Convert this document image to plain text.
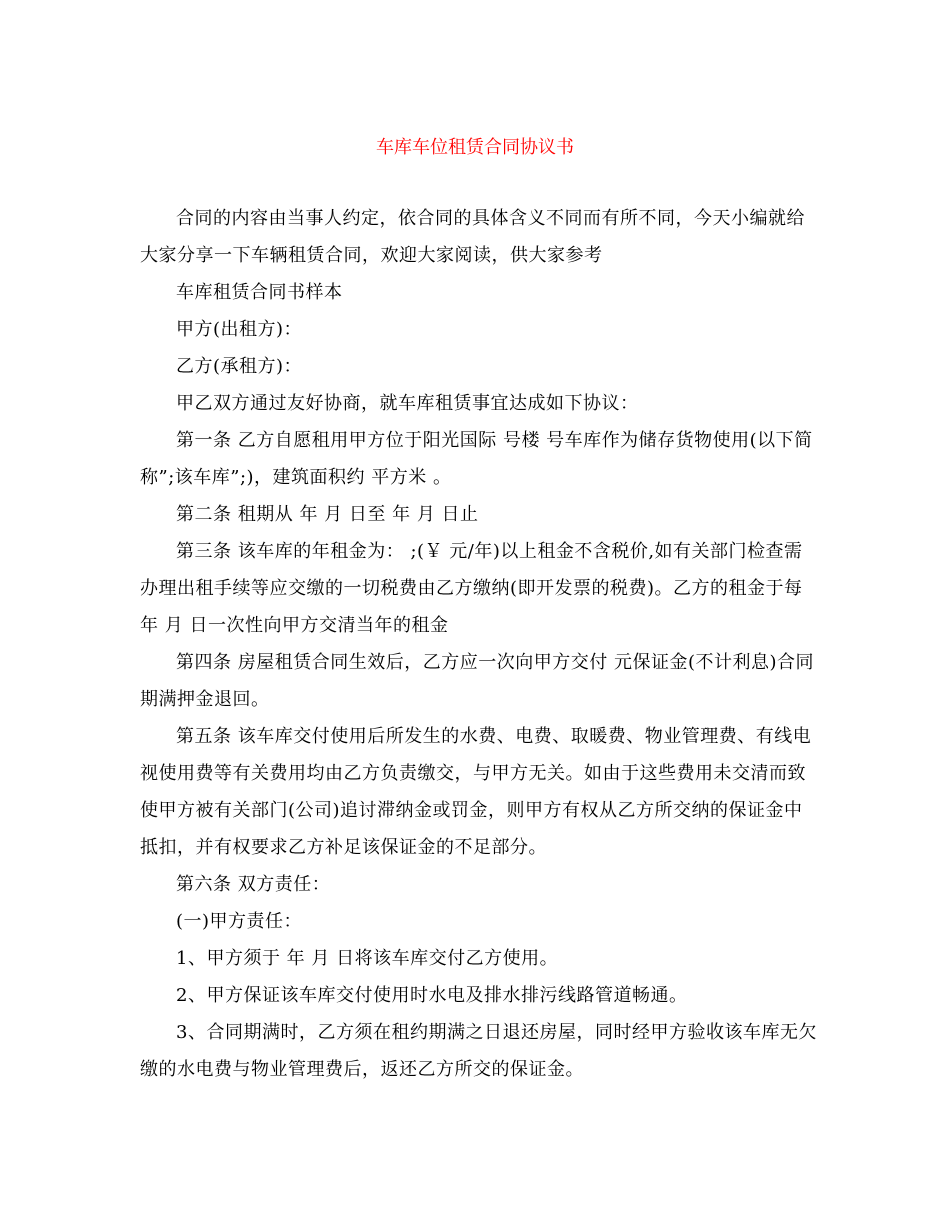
车库车位租赁合同协议书

合同的内容由当事人约定，依合同的具体含义不同而有所不同，今天小编就给大家分享一下车辆租赁合同，欢迎大家阅读，供大家参考

车库租赁合同书样本

甲方(出租方)：

乙方(承租方)：

甲乙双方通过友好协商，就车库租赁事宜达成如下协议：

第一条 乙方自愿租用甲方位于阳光国际 号楼 号车库作为储存货物使用(以下简称”;该车库”;)，建筑面积约 平方米 。

第二条 租期从 年 月 日至 年 月 日止

第三条 该车库的年租金为： ;(￥ 元/年)以上租金不含税价,如有关部门检查需办理出租手续等应交缴的一切税费由乙方缴纳(即开发票的税费)。乙方的租金于每年 月 日一次性向甲方交清当年的租金

第四条 房屋租赁合同生效后，乙方应一次向甲方交付 元保证金(不计利息)合同期满押金退回。

第五条 该车库交付使用后所发生的水费、电费、取暖费、物业管理费、有线电视使用费等有关费用均由乙方负责缴交，与甲方无关。如由于这些费用未交清而致使甲方被有关部门(公司)追讨滞纳金或罚金，则甲方有权从乙方所交纳的保证金中抵扣，并有权要求乙方补足该保证金的不足部分。

第六条 双方责任：

(一)甲方责任：

1、甲方须于 年 月 日将该车库交付乙方使用。

2、甲方保证该车库交付使用时水电及排水排污线路管道畅通。

3、合同期满时，乙方须在租约期满之日退还房屋，同时经甲方验收该车库无欠缴的水电费与物业管理费后，返还乙方所交的保证金。
